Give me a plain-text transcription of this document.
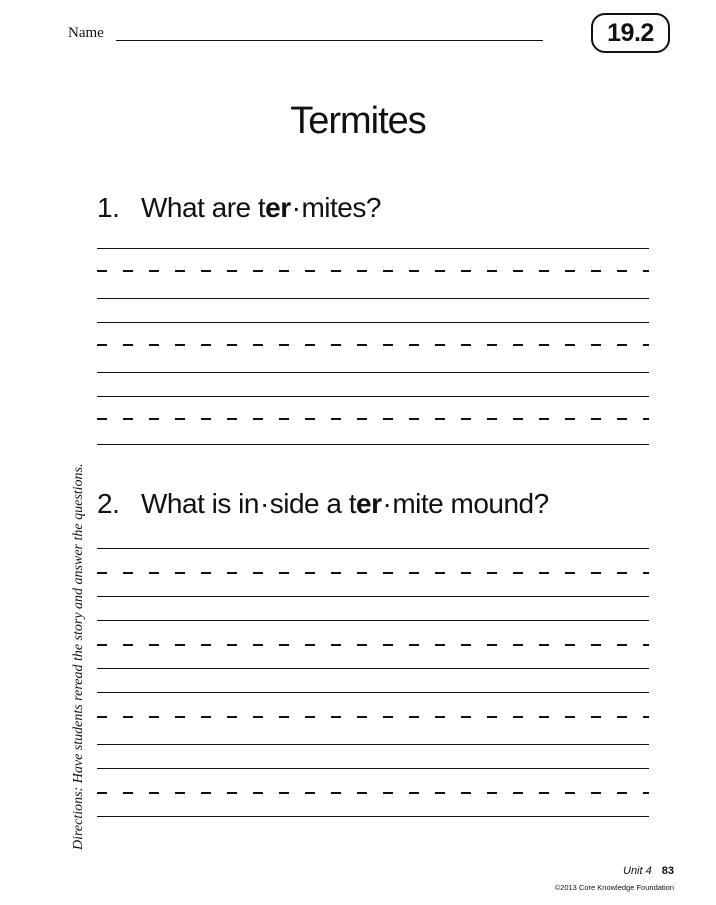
Name	19.2
Termites
1. What are ter·mites?
2. What is in·side a ter·mite mound?
Directions: Have students reread the story and answer the questions.
Unit 4 83
©2013 Core Knowledge Foundation
